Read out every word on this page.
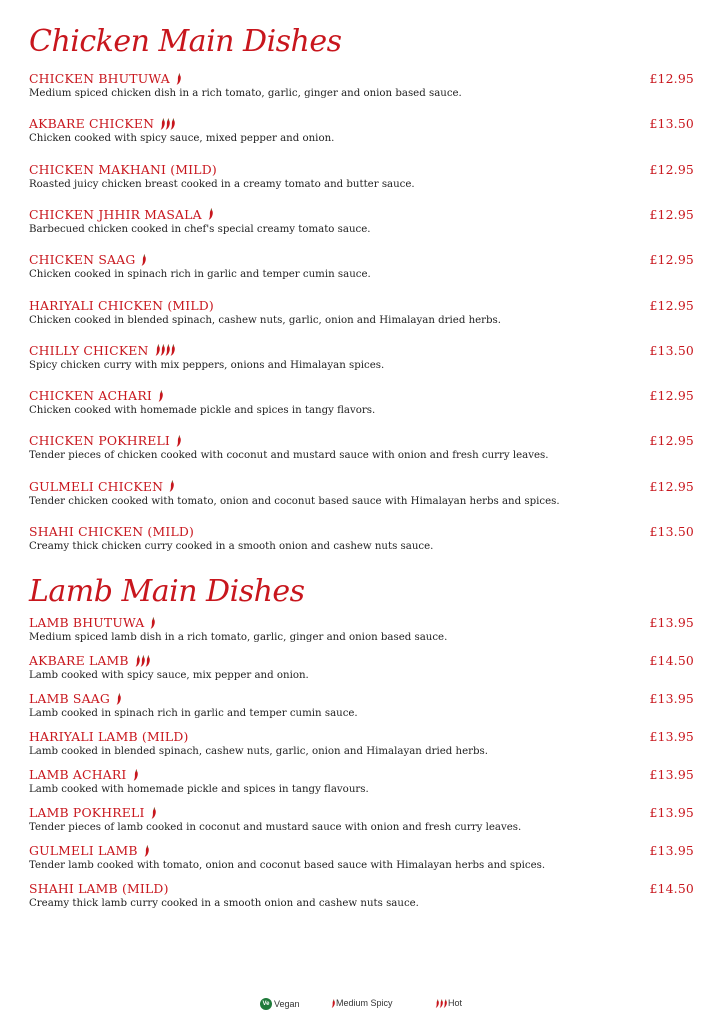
Chicken Main Dishes
CHICKEN BHUTUWA	£12.95
Medium spiced chicken dish in a rich tomato, garlic, ginger and onion based sauce.
AKBARE CHICKEN	£13.50
Chicken cooked with spicy sauce, mixed pepper and onion.
CHICKEN MAKHANI (MILD)	£12.95
Roasted juicy chicken breast cooked in a creamy tomato and butter sauce.
CHICKEN JHHIR MASALA	£12.95
Barbecued chicken cooked in chef's special creamy tomato sauce.
CHICKEN SAAG	£12.95
Chicken cooked in spinach rich in garlic and temper cumin sauce.
HARIYALI CHICKEN (MILD)	£12.95
Chicken cooked in blended spinach, cashew nuts, garlic, onion and Himalayan dried herbs.
CHILLY CHICKEN	£13.50
Spicy chicken curry with mix peppers, onions and Himalayan spices.
CHICKEN ACHARI	£12.95
Chicken cooked with homemade pickle and spices in tangy flavors.
CHICKEN POKHRELI	£12.95
Tender pieces of chicken cooked with coconut and mustard sauce with onion and fresh curry leaves.
GULMELI CHICKEN	£12.95
Tender chicken cooked with tomato, onion and coconut based sauce with Himalayan herbs and spices.
SHAHI CHICKEN (MILD)	£13.50
Creamy thick chicken curry cooked in a smooth onion and cashew nuts sauce.
Lamb Main Dishes
LAMB BHUTUWA	£13.95
Medium spiced lamb dish in a rich tomato, garlic, ginger and onion based sauce.
AKBARE LAMB	£14.50
Lamb cooked with spicy sauce, mix pepper and onion.
LAMB SAAG	£13.95
Lamb cooked in spinach rich in garlic and temper cumin sauce.
HARIYALI LAMB (MILD)	£13.95
Lamb cooked in blended spinach, cashew nuts, garlic, onion and Himalayan dried herbs.
LAMB ACHARI	£13.95
Lamb cooked with homemade pickle and spices in tangy flavours.
LAMB POKHRELI	£13.95
Tender pieces of lamb cooked in coconut and mustard sauce with onion and fresh curry leaves.
GULMELI LAMB	£13.95
Tender lamb cooked with tomato, onion and coconut based sauce with Himalayan herbs and spices.
SHAHI LAMB (MILD)	£14.50
Creamy thick lamb curry cooked in a smooth onion and cashew nuts sauce.
Ve Vegan	Medium Spicy	Hot
